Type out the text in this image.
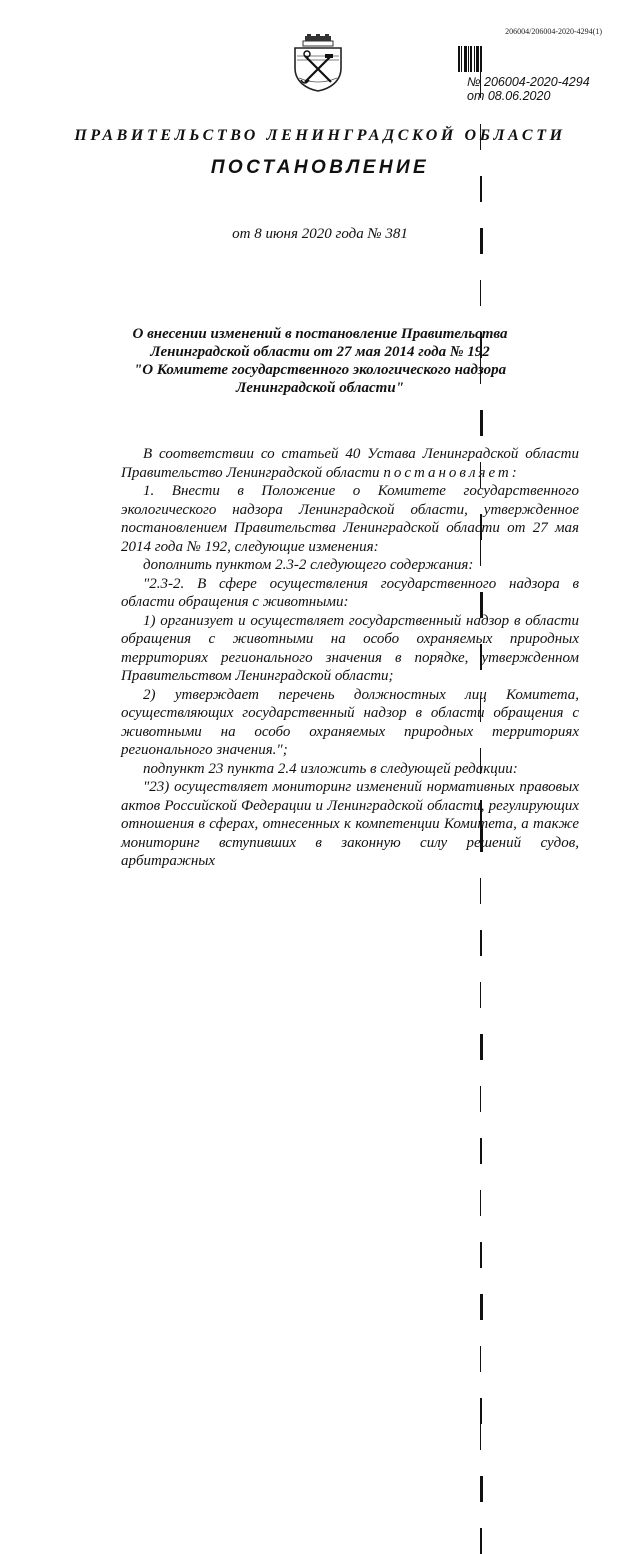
206004/206004-2020-4294(1)
№ 206004-2020-4294
от 08.06.2020
ПРАВИТЕЛЬСТВО ЛЕНИНГРАДСКОЙ ОБЛАСТИ
ПОСТАНОВЛЕНИЕ
от 8 июня 2020 года № 381
О внесении изменений в постановление Правительства
Ленинградской области от 27 мая 2014 года № 192
"О Комитете государственного экологического надзора
Ленинградской области"

В соответствии со статьей 40 Устава Ленинградской области Правительство Ленинградской области постановляет:

1. Внести в Положение о Комитете государственного экологического надзора Ленинградской области, утвержденное постановлением Правительства Ленинградской области от 27 мая 2014 года № 192, следующие изменения:

дополнить пунктом 2.3-2 следующего содержания:

"2.3-2. В сфере осуществления государственного надзора в области обращения с животными:

1) организует и осуществляет государственный надзор в области обращения с животными на особо охраняемых природных территориях регионального значения в порядке, утвержденном Правительством Ленинградской области;

2) утверждает перечень должностных лиц Комитета, осуществляющих государственный надзор в области обращения с животными на особо охраняемых природных территориях регионального значения.";

подпункт 23 пункта 2.4 изложить в следующей редакции:

"23) осуществляет мониторинг изменений нормативных правовых актов Российской Федерации и Ленинградской области, регулирующих отношения в сферах, отнесенных к компетенции Комитета, а также мониторинг вступивших в законную силу решений судов, арбитражных
